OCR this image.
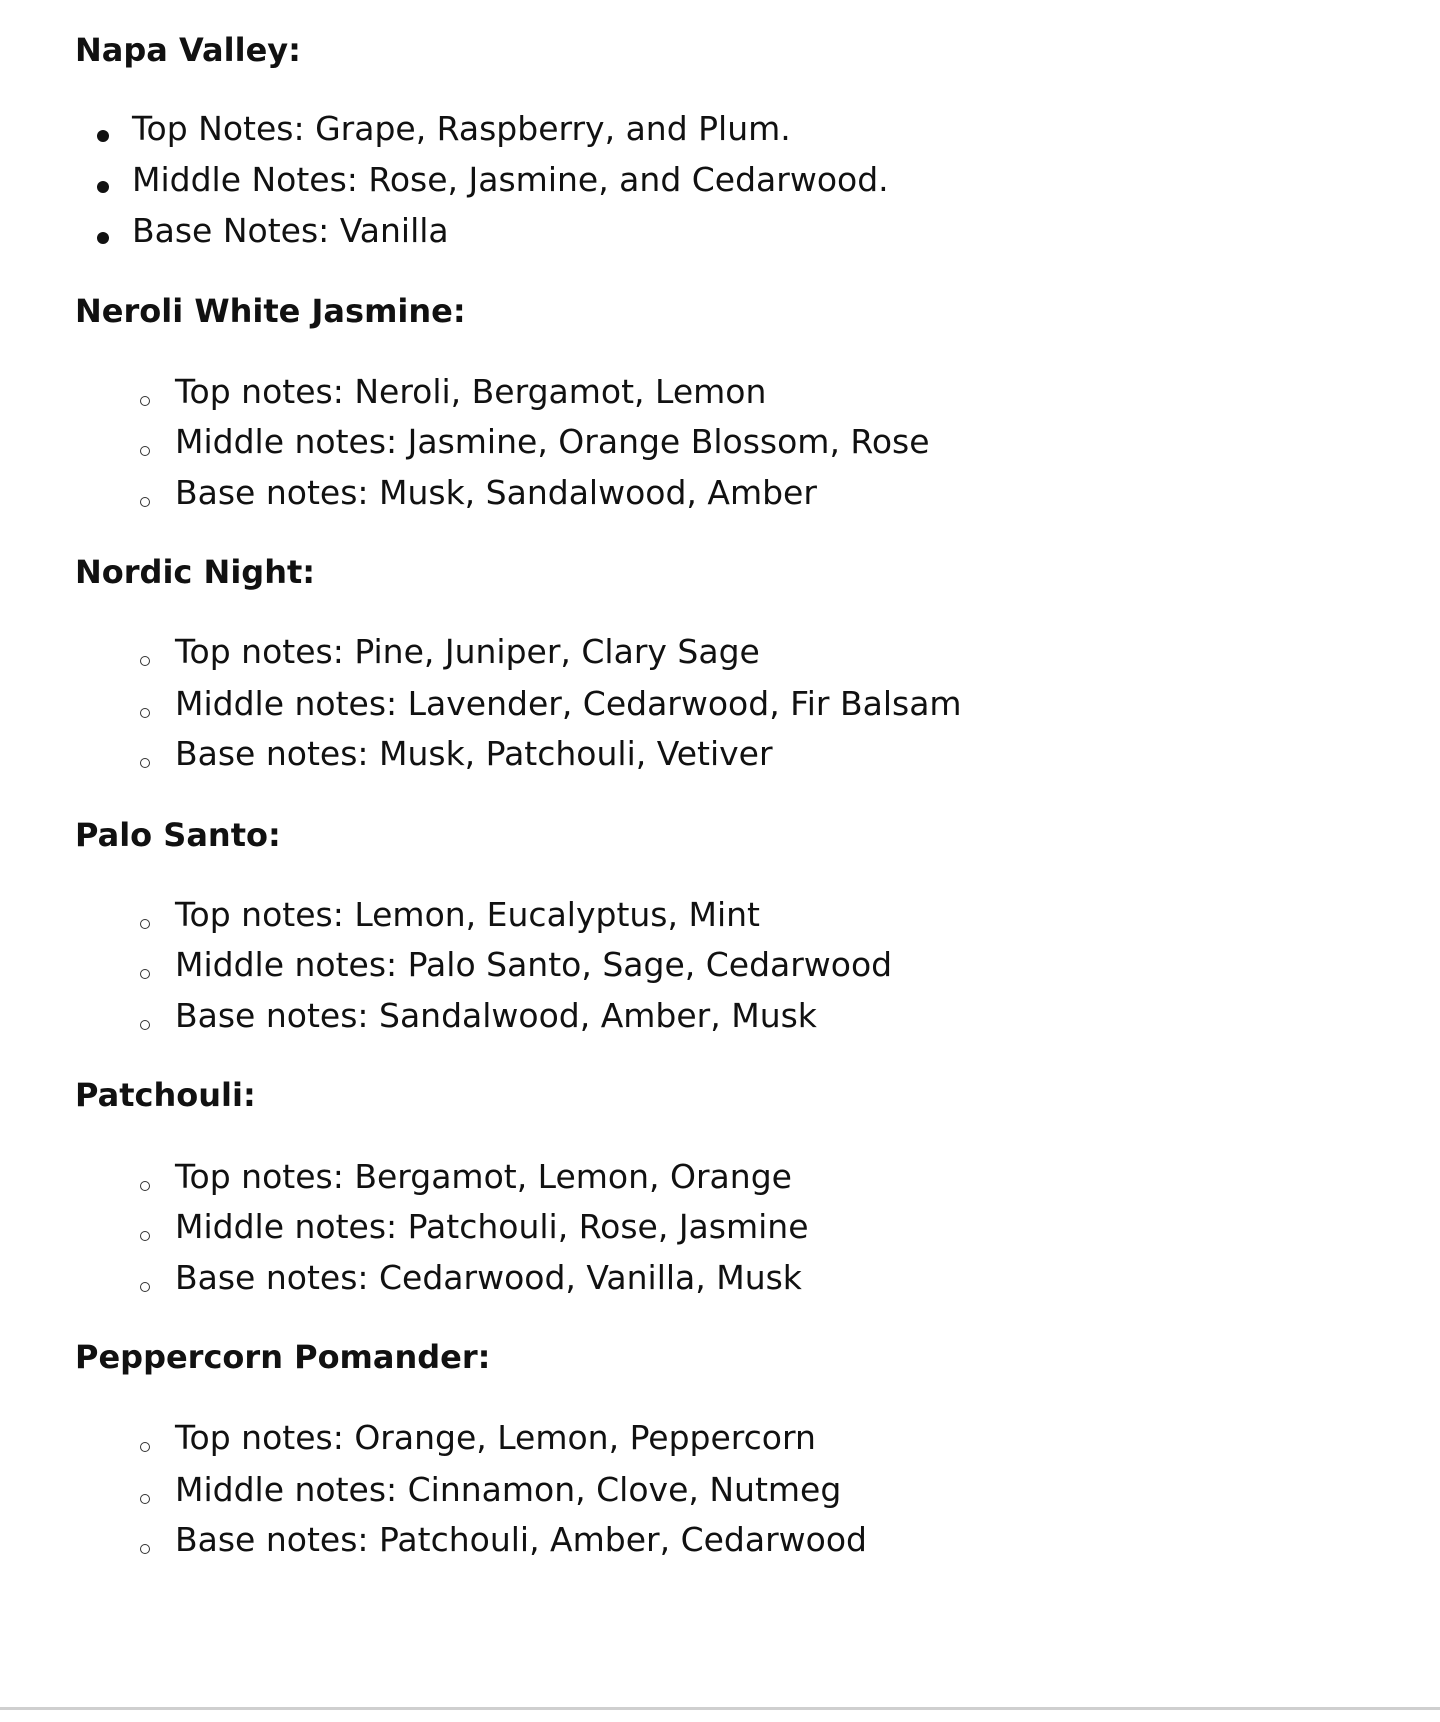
Napa Valley:
Top Notes: Grape, Raspberry, and Plum.
Middle Notes: Rose, Jasmine, and Cedarwood.
Base Notes: Vanilla
Neroli White Jasmine:
Top notes: Neroli, Bergamot, Lemon
Middle notes: Jasmine, Orange Blossom, Rose
Base notes: Musk, Sandalwood, Amber
Nordic Night:
Top notes: Pine, Juniper, Clary Sage
Middle notes: Lavender, Cedarwood, Fir Balsam
Base notes: Musk, Patchouli, Vetiver
Palo Santo:
Top notes: Lemon, Eucalyptus, Mint
Middle notes: Palo Santo, Sage, Cedarwood
Base notes: Sandalwood, Amber, Musk
Patchouli:
Top notes: Bergamot, Lemon, Orange
Middle notes: Patchouli, Rose, Jasmine
Base notes: Cedarwood, Vanilla, Musk
Peppercorn Pomander:
Top notes: Orange, Lemon, Peppercorn
Middle notes: Cinnamon, Clove, Nutmeg
Base notes: Patchouli, Amber, Cedarwood
